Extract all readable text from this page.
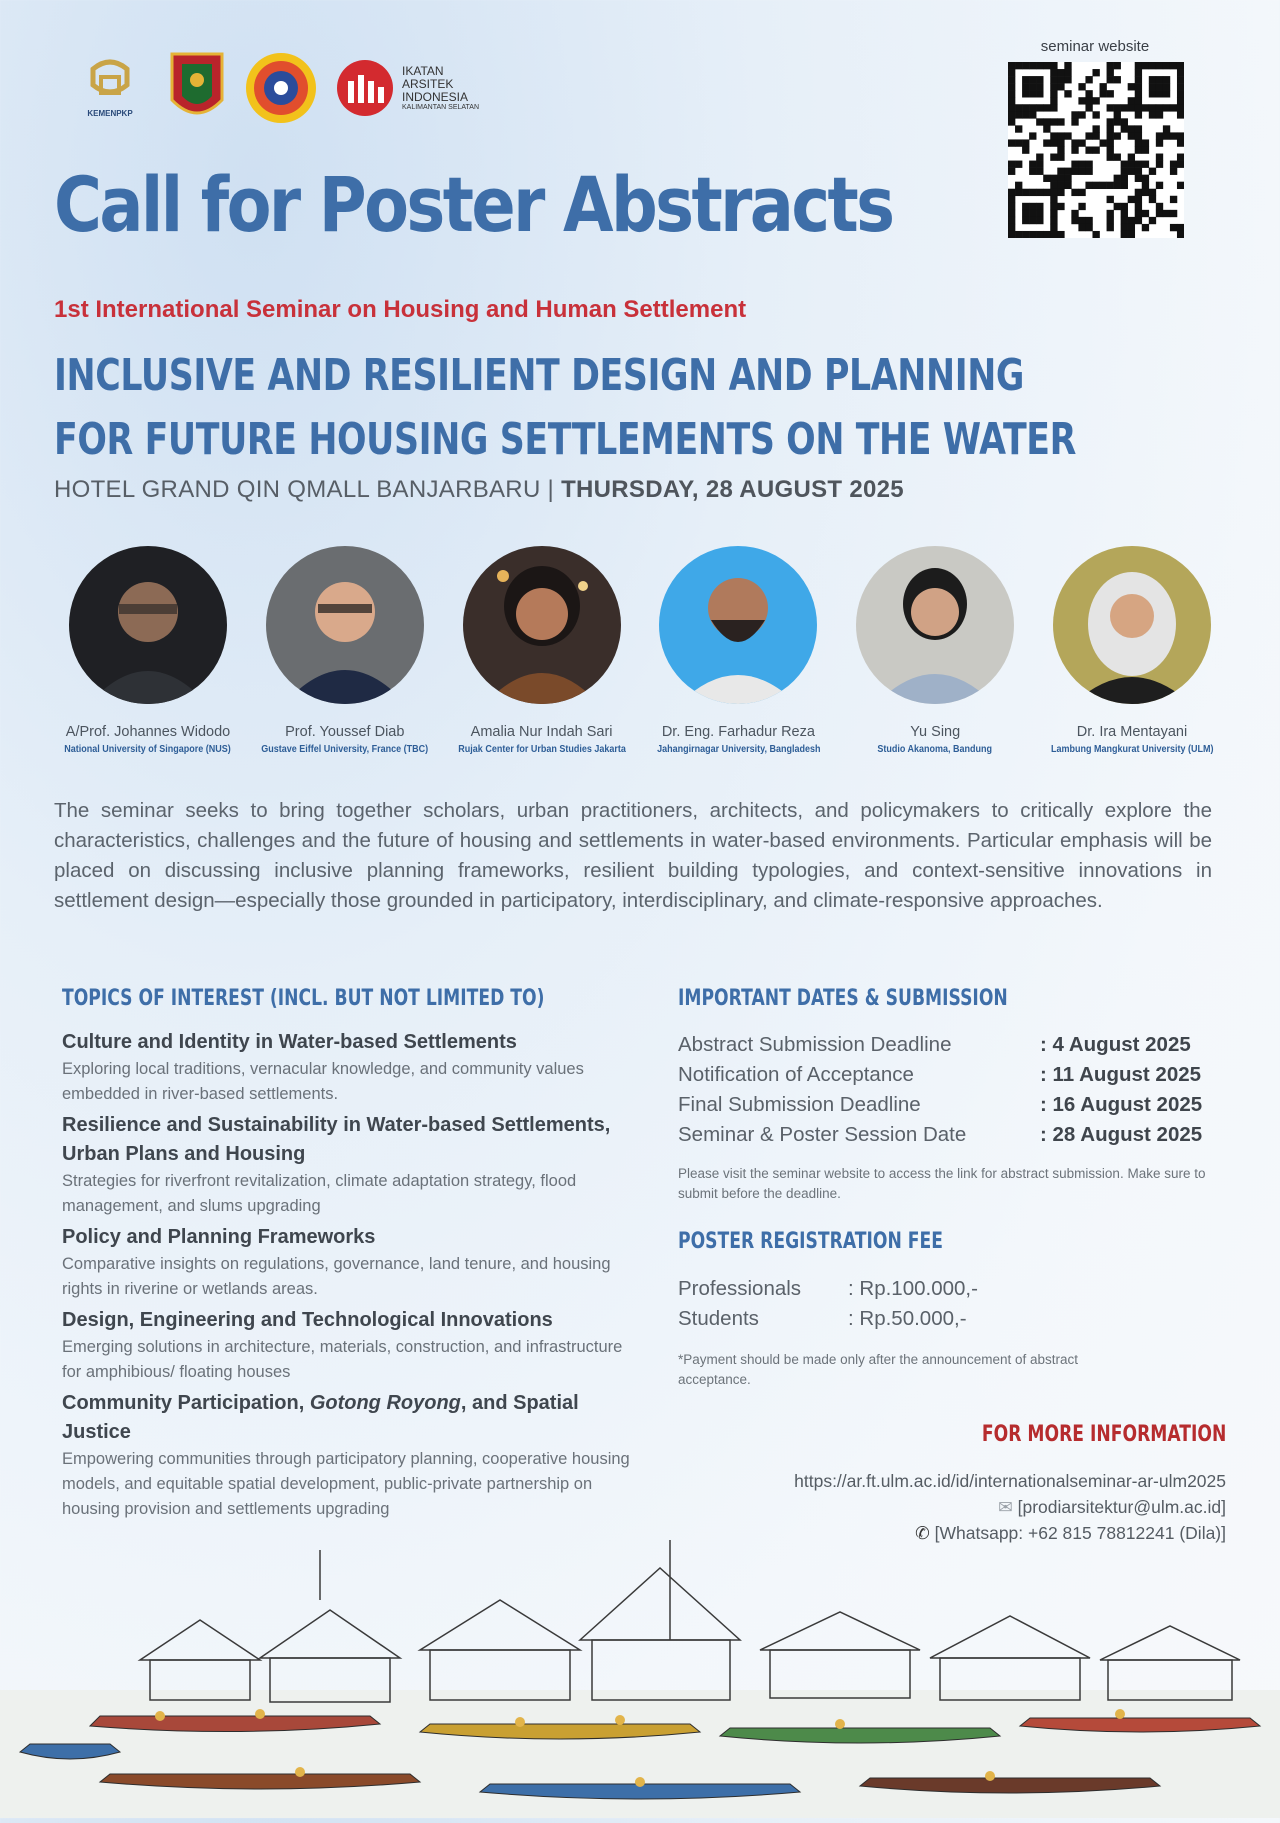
KEMENPKP
IKATAN
ARSITEK
INDONESIA
KALIMANTAN SELATAN
seminar website
Call for Poster Abstracts
1st International Seminar on Housing and Human Settlement
INCLUSIVE AND RESILIENT DESIGN AND PLANNING
FOR FUTURE HOUSING SETTLEMENTS ON THE WATER
HOTEL GRAND QIN QMALL BANJARBARU | THURSDAY, 28 AUGUST 2025
A/Prof. Johannes Widodo
National University of Singapore (NUS)
Prof. Youssef Diab
Gustave Eiffel University, France (TBC)
Amalia Nur Indah Sari
Rujak Center for Urban Studies Jakarta
Dr. Eng. Farhadur Reza
Jahangirnagar University, Bangladesh
Yu Sing
Studio Akanoma, Bandung
Dr. Ira Mentayani
Lambung Mangkurat University (ULM)
The seminar seeks to bring together scholars, urban practitioners, architects, and policymakers to critically explore the characteristics, challenges and the future of housing and settlements in water-based environments. Particular emphasis will be placed on discussing inclusive planning frameworks, resilient building typologies, and context-sensitive innovations in settlement design—especially those grounded in participatory, interdisciplinary, and climate-responsive approaches.
TOPICS OF INTEREST (INCL. BUT NOT LIMITED TO)
Culture and Identity in Water-based Settlements
Exploring local traditions, vernacular knowledge, and community values embedded in river-based settlements.
Resilience and Sustainability in Water-based Settlements, Urban Plans and Housing
Strategies for riverfront revitalization, climate adaptation strategy, flood management, and slums upgrading
Policy and Planning Frameworks
Comparative insights on regulations, governance, land tenure, and housing rights in riverine or wetlands areas.
Design, Engineering and Technological Innovations
Emerging solutions in architecture, materials, construction, and infrastructure for amphibious/ floating houses
Community Participation, Gotong Royong, and Spatial Justice
Empowering communities through participatory planning, cooperative housing models, and equitable spatial development, public-private partnership on housing provision and settlements upgrading
IMPORTANT DATES & SUBMISSION
Abstract Submission Deadline	: 4 August 2025
Notification of Acceptance	: 11 August 2025
Final Submission Deadline	: 16 August 2025
Seminar & Poster Session Date	: 28 August 2025
Please visit the seminar website to access the link for abstract submission. Make sure to submit before the deadline.
POSTER REGISTRATION FEE
Professionals	: Rp.100.000,-
Students	: Rp.50.000,-
*Payment should be made only after the announcement of abstract acceptance.
FOR MORE INFORMATION
https://ar.ft.ulm.ac.id/id/internationalseminar-ar-ulm2025
✉ [prodiarsitektur@ulm.ac.id]
✆ [Whatsapp: +62 815 78812241 (Dila)]
